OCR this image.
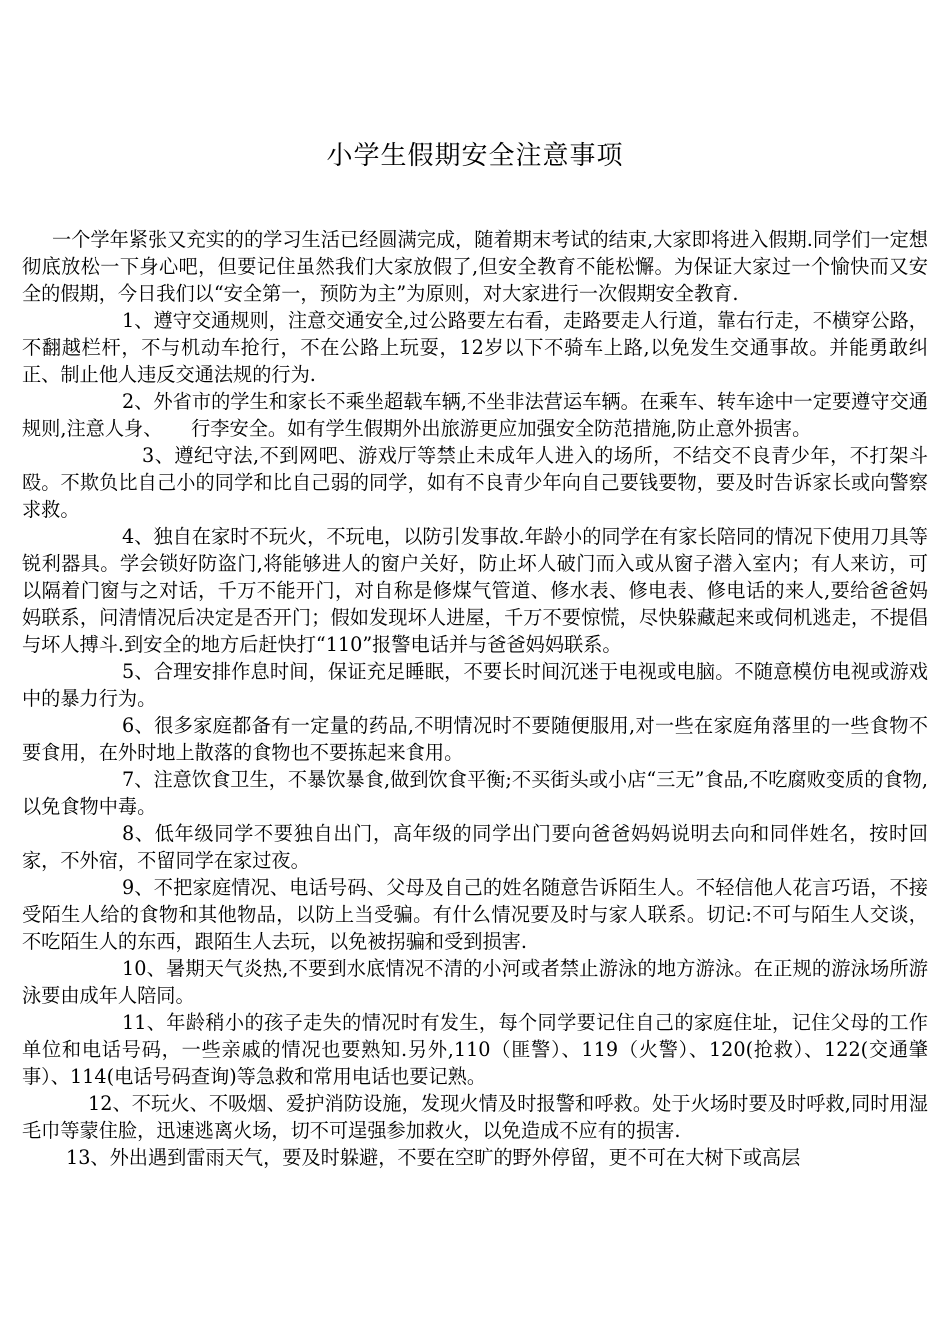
小学生假期安全注意事项

一个学年紧张又充实的的学习生活已经圆满完成，随着期末考试的结束,大家即将进入假期.同学们一定想彻底放松一下身心吧，但要记住虽然我们大家放假了,但安全教育不能松懈。为保证大家过一个愉快而又安全的假期，今日我们以“安全第一，预防为主”为原则，对大家进行一次假期安全教育.

1、遵守交通规则，注意交通安全,过公路要左右看，走路要走人行道，靠右行走，不横穿公路，不翻越栏杆，不与机动车抢行，不在公路上玩耍，12岁以下不骑车上路,以免发生交通事故。并能勇敢纠正、制止他人违反交通法规的行为.

2、外省市的学生和家长不乘坐超载车辆,不坐非法营运车辆。在乘车、转车途中一定要遵守交通规则,注意人身、　　行李安全。如有学生假期外出旅游更应加强安全防范措施,防止意外损害。

3、遵纪守法,不到网吧、游戏厅等禁止未成年人进入的场所，不结交不良青少年，不打架斗殴。不欺负比自己小的同学和比自己弱的同学，如有不良青少年向自己要钱要物，要及时告诉家长或向警察求救。

4、独自在家时不玩火，不玩电，以防引发事故.年龄小的同学在有家长陪同的情况下使用刀具等锐利器具。学会锁好防盗门,将能够进人的窗户关好，防止坏人破门而入或从窗子潜入室内；有人来访，可以隔着门窗与之对话，千万不能开门，对自称是修煤气管道、修水表、修电表、修电话的来人,要给爸爸妈妈联系，问清情况后决定是否开门；假如发现坏人进屋，千万不要惊慌，尽快躲藏起来或伺机逃走，不提倡与坏人搏斗.到安全的地方后赶快打“110”报警电话并与爸爸妈妈联系。

5、合理安排作息时间，保证充足睡眠，不要长时间沉迷于电视或电脑。不随意模仿电视或游戏中的暴力行为。

6、很多家庭都备有一定量的药品,不明情况时不要随便服用,对一些在家庭角落里的一些食物不要食用，在外时地上散落的食物也不要拣起来食用。

7、注意饮食卫生，不暴饮暴食,做到饮食平衡;不买街头或小店“三无”食品,不吃腐败变质的食物,以免食物中毒。

8、低年级同学不要独自出门，高年级的同学出门要向爸爸妈妈说明去向和同伴姓名，按时回家，不外宿，不留同学在家过夜。

9、不把家庭情况、电话号码、父母及自己的姓名随意告诉陌生人。不轻信他人花言巧语，不接受陌生人给的食物和其他物品，以防上当受骗。有什么情况要及时与家人联系。切记:不可与陌生人交谈，不吃陌生人的东西，跟陌生人去玩，以免被拐骗和受到损害.

10、暑期天气炎热,不要到水底情况不清的小河或者禁止游泳的地方游泳。在正规的游泳场所游泳要由成年人陪同。

11、年龄稍小的孩子走失的情况时有发生，每个同学要记住自己的家庭住址，记住父母的工作单位和电话号码，一些亲戚的情况也要熟知.另外,110（匪警）、119（火警）、120(抢救）、122(交通肇事）、114(电话号码查询)等急救和常用电话也要记熟。

12、不玩火、不吸烟、爱护消防设施，发现火情及时报警和呼救。处于火场时要及时呼救,同时用湿毛巾等蒙住脸，迅速逃离火场，切不可逞强参加救火，以免造成不应有的损害.

13、外出遇到雷雨天气，要及时躲避，不要在空旷的野外停留，更不可在大树下或高层
